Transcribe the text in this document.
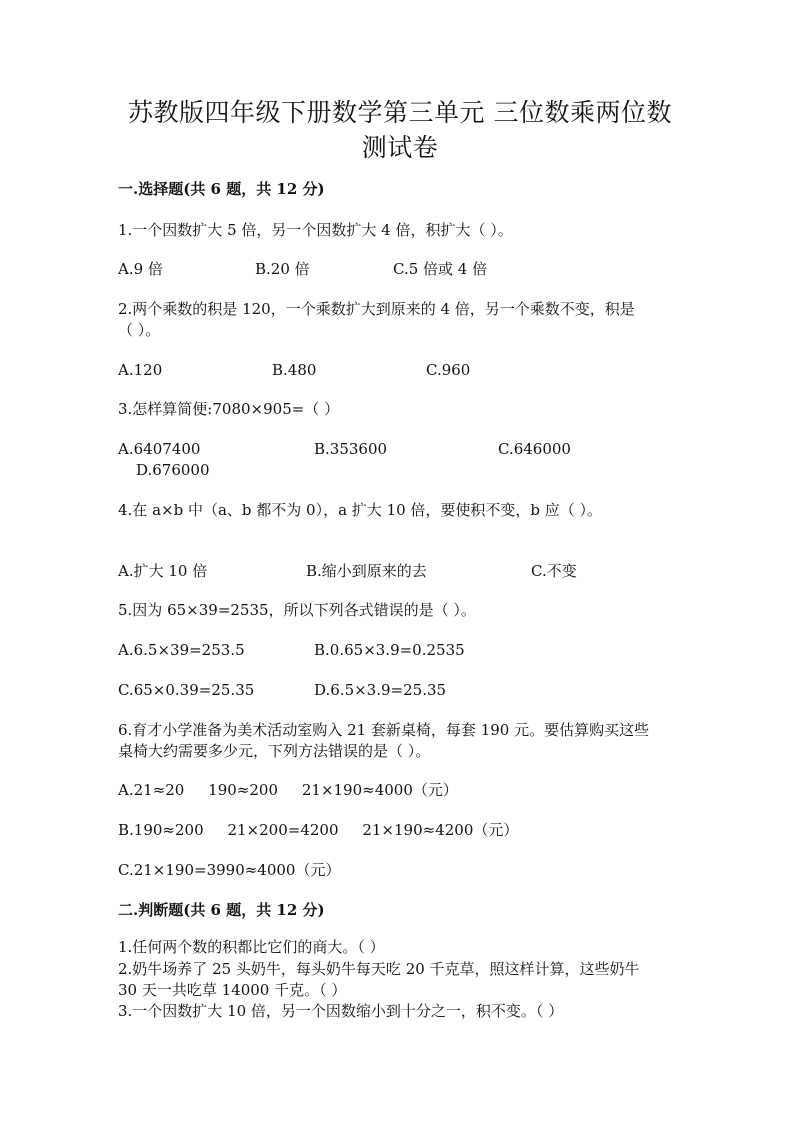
苏教版四年级下册数学第三单元 三位数乘两位数
测试卷
一.选择题(共 6 题，共 12 分)
1.一个因数扩大 5 倍，另一个因数扩大 4 倍，积扩大（ ）。
A.9 倍	B.20 倍	C.5 倍或 4 倍
2.两个乘数的积是 120，一个乘数扩大到原来的 4 倍，另一个乘数不变，积是
（ ）。
A.120	B.480	C.960
3.怎样算简便:7080×905=（ ）
A.6407400	B.353600	C.646000
D.676000
4.在 a×b 中（a、b 都不为 0），a 扩大 10 倍，要使积不变，b 应（ ）。
A.扩大 10 倍	B.缩小到原来的去	C.不变
5.因为 65×39=2535，所以下列各式错误的是（ ）。
A.6.5×39=253.5	B.0.65×3.9=0.2535
C.65×0.39=25.35	D.6.5×3.9=25.35
6.育才小学准备为美术活动室购入 21 套新桌椅，每套 190 元。要估算购买这些
桌椅大约需要多少元，下列方法错误的是（ ）。
A.21≈20     190≈200     21×190≈4000（元）
B.190≈200     21×200=4200     21×190≈4200（元）
C.21×190=3990≈4000（元）
二.判断题(共 6 题，共 12 分)
1.任何两个数的积都比它们的商大。（ ）
2.奶牛场养了 25 头奶牛，每头奶牛每天吃 20 千克草，照这样计算，这些奶牛
30 天一共吃草 14000 千克。（ ）
3.一个因数扩大 10 倍，另一个因数缩小到十分之一，积不变。（ ）
